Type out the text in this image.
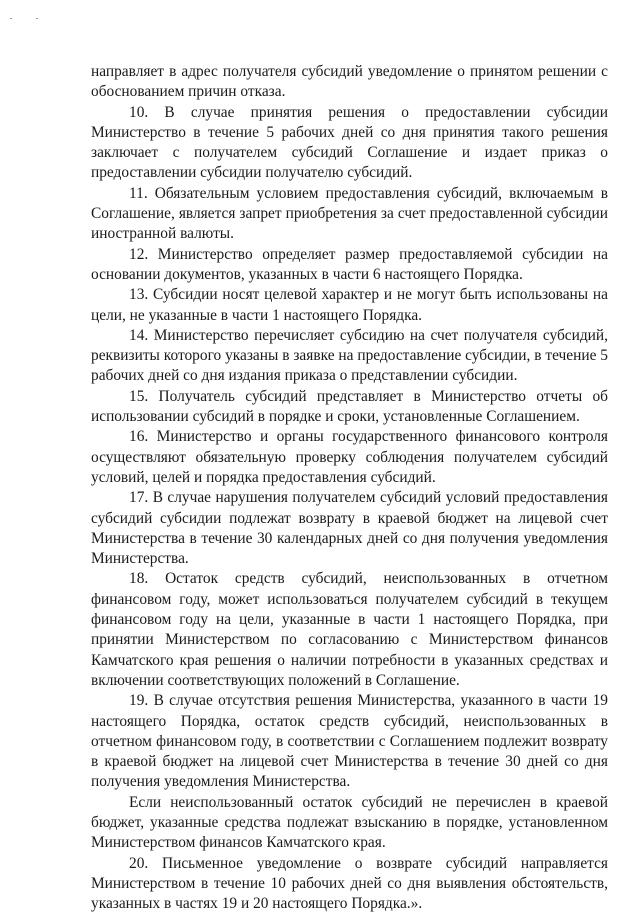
направляет в адрес получателя субсидий уведомление о принятом решении с обоснованием причин отказа.

10. В случае принятия решения о предоставлении субсидии Министерство в течение 5 рабочих дней со дня принятия такого решения заключает с получателем субсидий Соглашение и издает приказ о предоставлении субсидии получателю субсидий.

11. Обязательным условием предоставления субсидий, включаемым в Соглашение, является запрет приобретения за счет предоставленной субсидии иностранной валюты.

12. Министерство определяет размер предоставляемой субсидии на основании документов, указанных в части 6 настоящего Порядка.

13. Субсидии носят целевой характер и не могут быть использованы на цели, не указанные в части 1 настоящего Порядка.

14. Министерство перечисляет субсидию на счет получателя субсидий, реквизиты которого указаны в заявке на предоставление субсидии, в течение 5 рабочих дней со дня издания приказа о представлении субсидии.

15. Получатель субсидий представляет в Министерство отчеты об использовании субсидий в порядке и сроки, установленные Соглашением.

16. Министерство и органы государственного финансового контроля осуществляют обязательную проверку соблюдения получателем субсидий условий, целей и порядка предоставления субсидий.

17. В случае нарушения получателем субсидий условий предоставления субсидий субсидии подлежат возврату в краевой бюджет на лицевой счет Министерства в течение 30 календарных дней со дня получения уведомления Министерства.

18. Остаток средств субсидий, неиспользованных в отчетном финансовом году, может использоваться получателем субсидий в текущем финансовом году на цели, указанные в части 1 настоящего Порядка, при принятии Министерством по согласованию с Министерством финансов Камчатского края решения о наличии потребности в указанных средствах и включении соответствующих положений в Соглашение.

19. В случае отсутствия решения Министерства, указанного в части 19 настоящего Порядка, остаток средств субсидий, неиспользованных в отчетном финансовом году, в соответствии с Соглашением подлежит возврату в краевой бюджет на лицевой счет Министерства в течение 30 дней со дня получения уведомления Министерства.

Если неиспользованный остаток субсидий не перечислен в краевой бюджет, указанные средства подлежат взысканию в порядке, установленном Министерством финансов Камчатского края.

20. Письменное уведомление о возврате субсидий направляется Министерством в течение 10 рабочих дней со дня выявления обстоятельств, указанных в частях 19 и 20 настоящего Порядка.».
